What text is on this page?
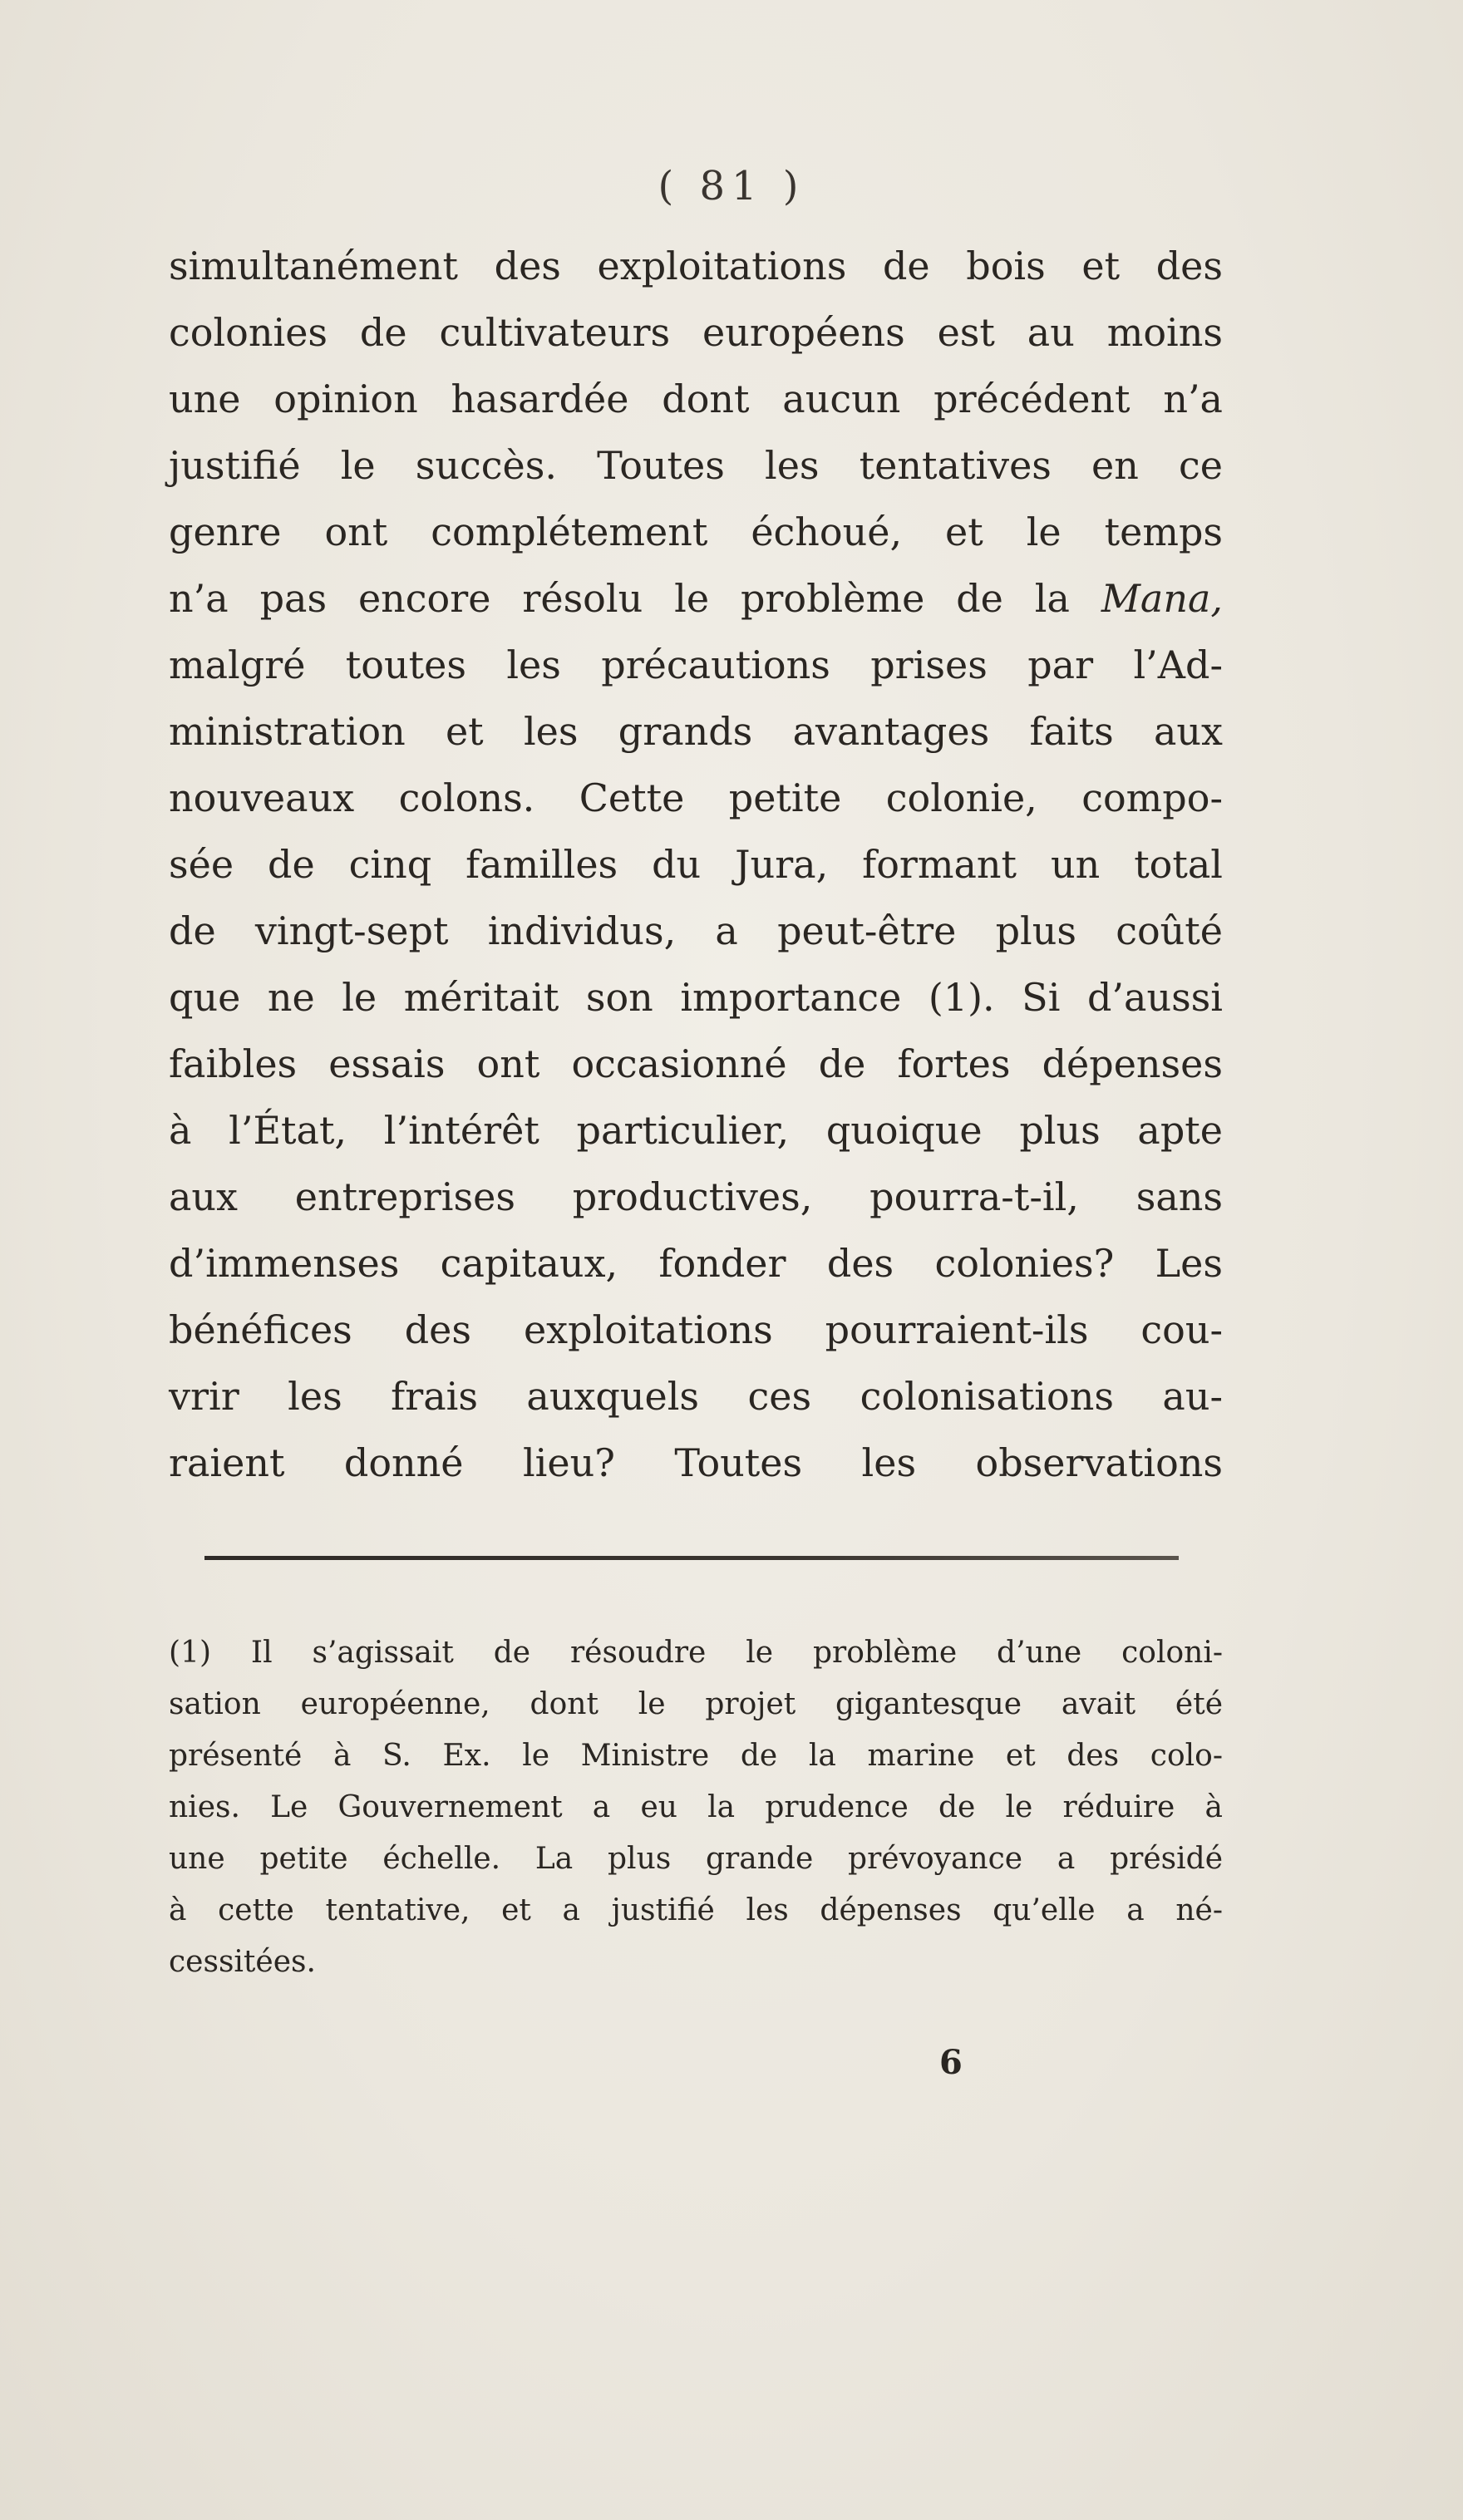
( 81 )
simultanément des exploitations de bois et des
colonies de cultivateurs européens est au moins
une opinion hasardée dont aucun précédent n’a
justifié le succès. Toutes les tentatives en ce
genre ont complétement échoué, et le temps
n’a pas encore résolu le problème de la Mana,
malgré toutes les précautions prises par l’Ad-
ministration et les grands avantages faits aux
nouveaux colons. Cette petite colonie, compo-
sée de cinq familles du Jura, formant un total
de vingt-sept individus, a peut-être plus coûté
que ne le méritait son importance (1). Si d’aussi
faibles essais ont occasionné de fortes dépenses
à l’État, l’intérêt particulier, quoique plus apte
aux entreprises productives, pourra-t-il, sans
d’immenses capitaux, fonder des colonies? Les
bénéfices des exploitations pourraient-ils cou-
vrir les frais auxquels ces colonisations au-
raient donné lieu? Toutes les observations
(1) Il s’agissait de résoudre le problème d’une coloni-
sation européenne, dont le projet gigantesque avait été
présenté à S. Ex. le Ministre de la marine et des colo-
nies. Le Gouvernement a eu la prudence de le réduire à
une petite échelle. La plus grande prévoyance a présidé
à cette tentative, et a justifié les dépenses qu’elle a né-
cessitées.
6
